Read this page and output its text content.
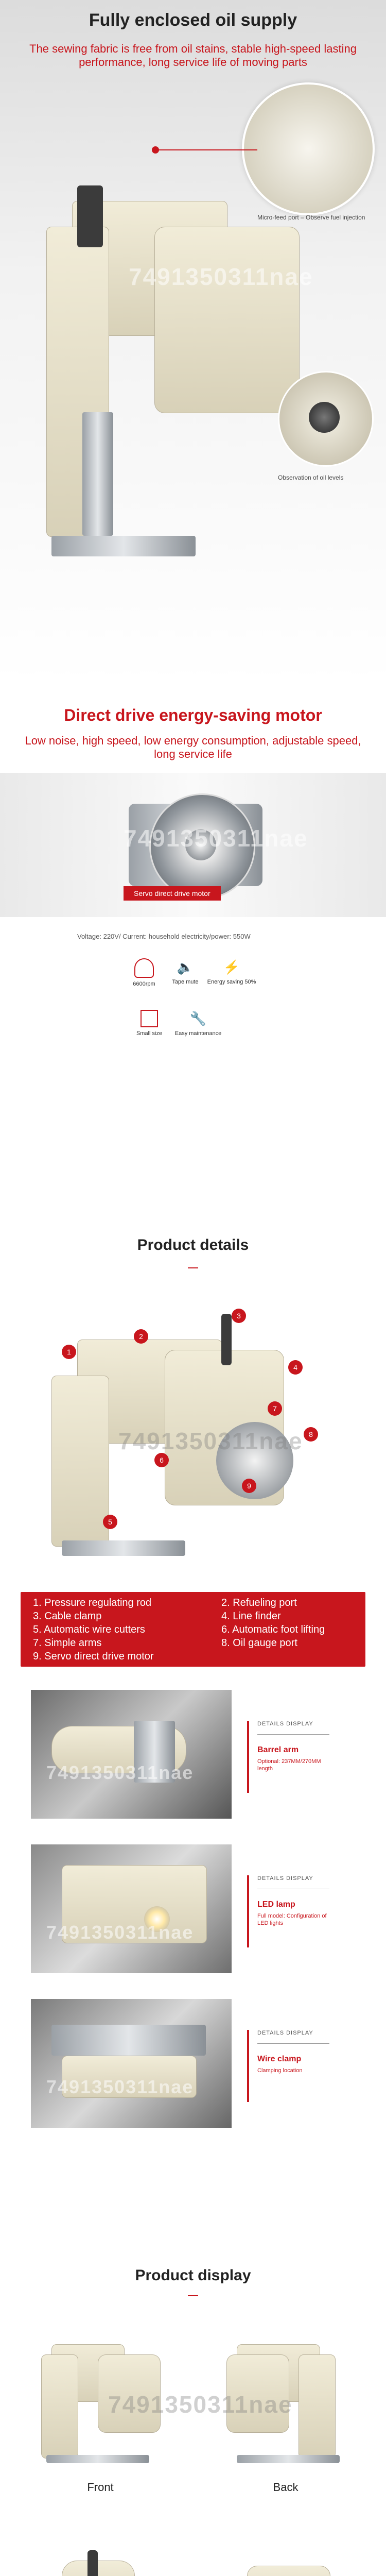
Fully enclosed oil supply
The sewing fabric is free from oil stains, stable high-speed lasting performance, long service life of moving parts
Micro-feed port – Observe fuel injection
Observation of oil levels
7491350311nae
Direct drive energy-saving motor
Low noise, high speed, low energy consumption, adjustable speed, long service life
7491350311nae
Servo direct drive motor
Voltage: 220V/ Current: household electricity/power: 550W
6600rpm
🔈
Tape mute
⚡
Energy saving 50%
Small size
🔧
Easy maintenance
Product details
1
2
3
4
5
6
7
8
9
7491350311nae
1. Pressure regulating rod	2. Refueling port
3. Cable clamp	4. Line finder
5. Automatic wire cutters	6. Automatic foot lifting
7. Simple arms	8. Oil gauge port
9. Servo direct drive motor
7491350311nae
DETAILS DISPLAY
Barrel arm
Optional: 237MM/270MM length
7491350311nae
DETAILS DISPLAY
LED lamp
Full model: Configuration of LED lights
7491350311nae
DETAILS DISPLAY
Wire clamp
Clamping location
Product display
Front	Back
7491350311nae
